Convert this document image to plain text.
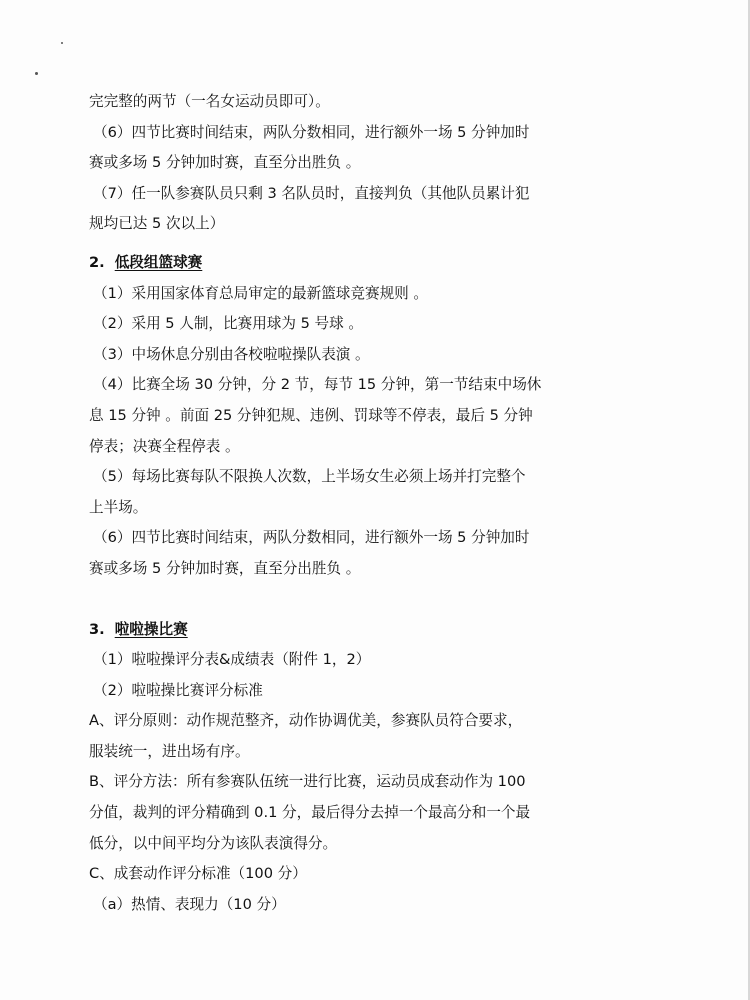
完完整的两节（一名女运动员即可）。
（6）四节比赛时间结束，两队分数相同，进行额外一场 5 分钟加时
赛或多场 5 分钟加时赛，直至分出胜负 。
（7）任一队参赛队员只剩 3 名队员时，直接判负（其他队员累计犯
规均已达 5 次以上）
2. 低段组篮球赛
（1）采用国家体育总局审定的最新篮球竞赛规则 。
（2）采用 5 人制，比赛用球为 5 号球 。
（3）中场休息分别由各校啦啦操队表演 。
（4）比赛全场 30 分钟，分 2 节，每节 15 分钟，第一节结束中场休
息 15 分钟 。前面 25 分钟犯规、违例、罚球等不停表，最后 5 分钟
停表；决赛全程停表 。
（5）每场比赛每队不限换人次数，上半场女生必须上场并打完整个
上半场。
（6）四节比赛时间结束，两队分数相同，进行额外一场 5 分钟加时
赛或多场 5 分钟加时赛，直至分出胜负 。
3. 啦啦操比赛
（1）啦啦操评分表&成绩表（附件 1，2）
（2）啦啦操比赛评分标准
A、评分原则：动作规范整齐，动作协调优美，参赛队员符合要求，
服装统一，进出场有序。
B、评分方法：所有参赛队伍统一进行比赛，运动员成套动作为 100
分值，裁判的评分精确到 0.1 分，最后得分去掉一个最高分和一个最
低分，以中间平均分为该队表演得分。
C、成套动作评分标准（100 分）
（a）热情、表现力（10 分）
